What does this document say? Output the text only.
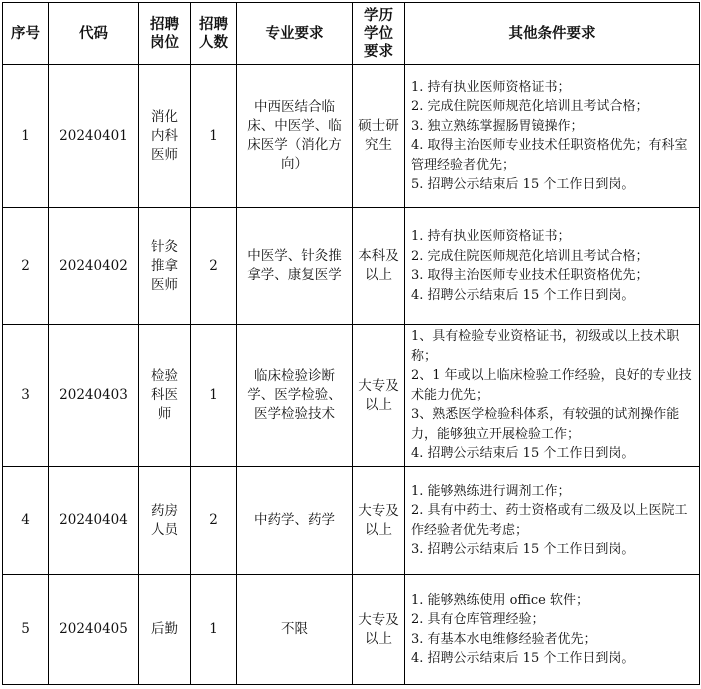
序号	代码	招聘岗位	招聘人数	专业要求	学历学位要求	其他条件要求
1	20240401	消化内科医师	1	中西医结合临床、中医学、临床医学（消化方向）	硕士研究生	1. 持有执业医师资格证书；
2. 完成住院医师规范化培训且考试合格；
3. 独立熟练掌握肠胃镜操作；
4. 取得主治医师专业技术任职资格优先；有科室管理经验者优先；
5. 招聘公示结束后 15 个工作日到岗。

2	20240402	针灸推拿医师	2	中医学、针灸推拿学、康复医学	本科及以上	1. 持有执业医师资格证书；
2. 完成住院医师规范化培训且考试合格；
3. 取得主治医师专业技术任职资格优先；
4. 招聘公示结束后 15 个工作日到岗。

3	20240403	检验科医师	1	临床检验诊断学、医学检验、医学检验技术	大专及以上	1、具有检验专业资格证书，初级或以上技术职称；
2、1 年或以上临床检验工作经验，良好的专业技术能力优先；
3、熟悉医学检验科体系，有较强的试剂操作能力，能够独立开展检验工作；
4. 招聘公示结束后 15 个工作日到岗。

4	20240404	药房人员	2	中药学、药学	大专及以上	1. 能够熟练进行调剂工作；
2. 具有中药士、药士资格或有二级及以上医院工作经验者优先考虑；
3. 招聘公示结束后 15 个工作日到岗。

5	20240405	后勤	1	不限	大专及以上	1. 能够熟练使用 office 软件；
2. 具有仓库管理经验；
3. 有基本水电维修经验者优先；
4. 招聘公示结束后 15 个工作日到岗。
